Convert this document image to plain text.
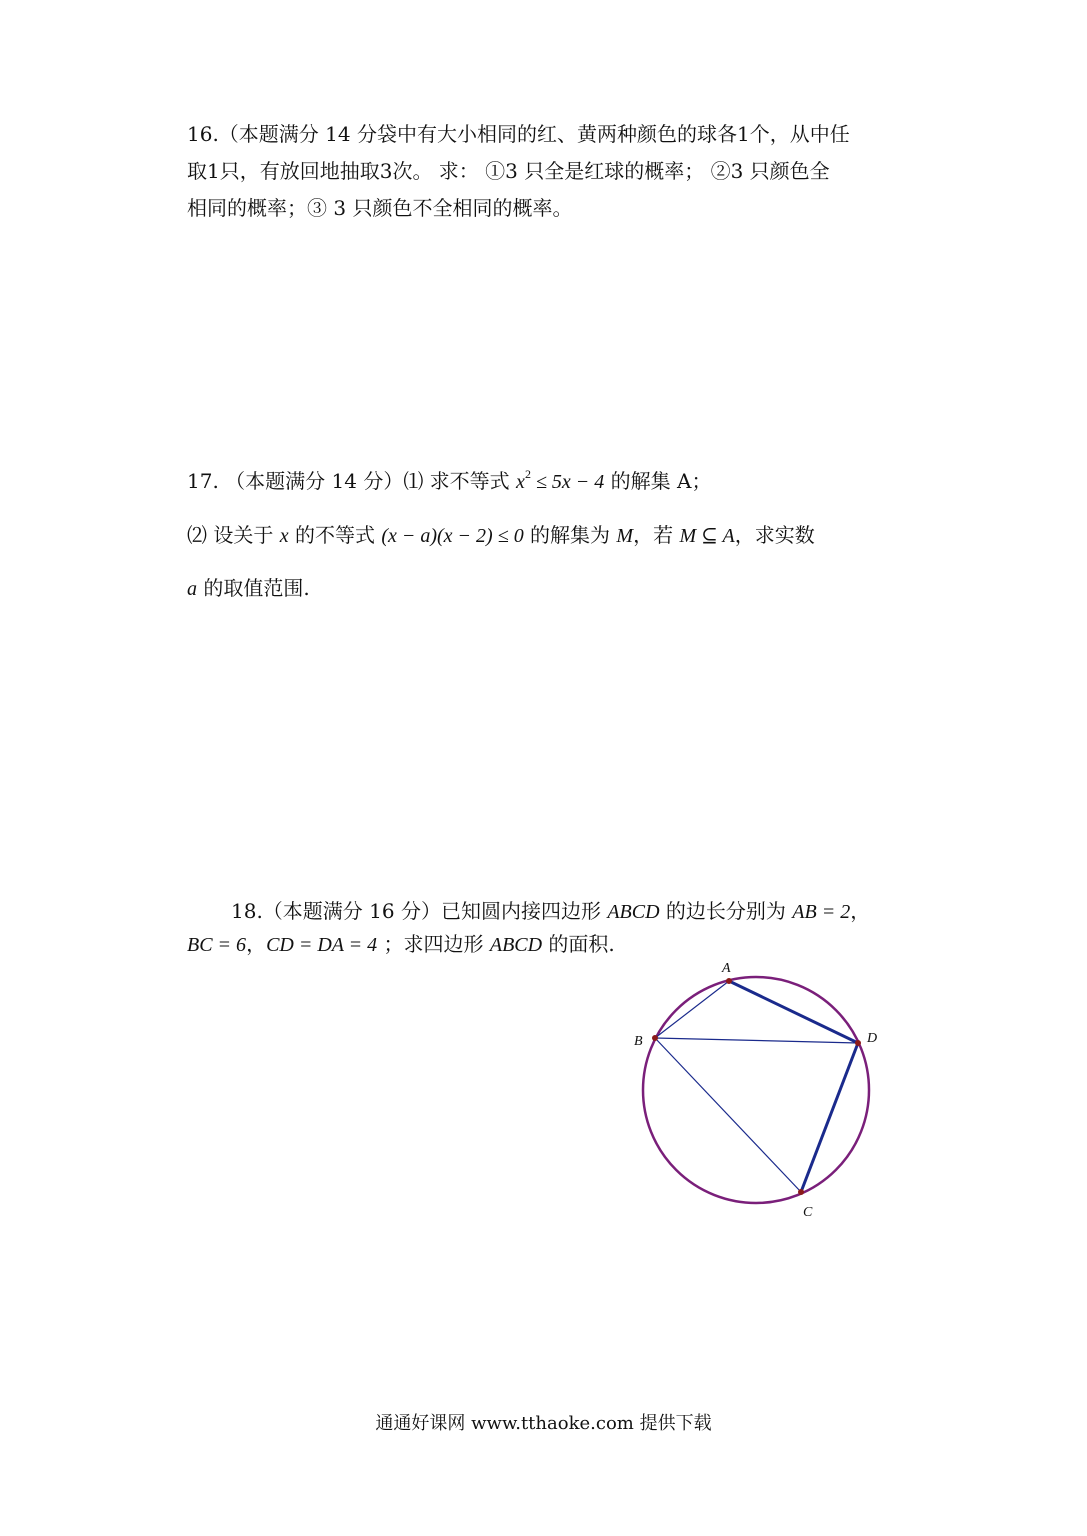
16.（本题满分 14 分袋中有大小相同的红、黄两种颜色的球各1个，从中任
取1只，有放回地抽取3次。 求： ①3 只全是红球的概率； ②3 只颜色全
相同的概率；③ 3 只颜色不全相同的概率。
17. （本题满分 14 分）⑴ 求不等式 $x^2 \le 5x - 4$ 的解集 A；
⑵ 设关于 x 的不等式 (x − a)(x − 2) ≤ 0 的解集为 M，若 M ⊆ A，求实数
a 的取值范围.
18.（本题满分 16 分）已知圆内接四边形 ABCD 的边长分别为 AB = 2，
BC = 6，CD = DA = 4 ；求四边形 ABCD 的面积.
A
B
C
D
通通好课网 www.tthaoke.com 提供下载
